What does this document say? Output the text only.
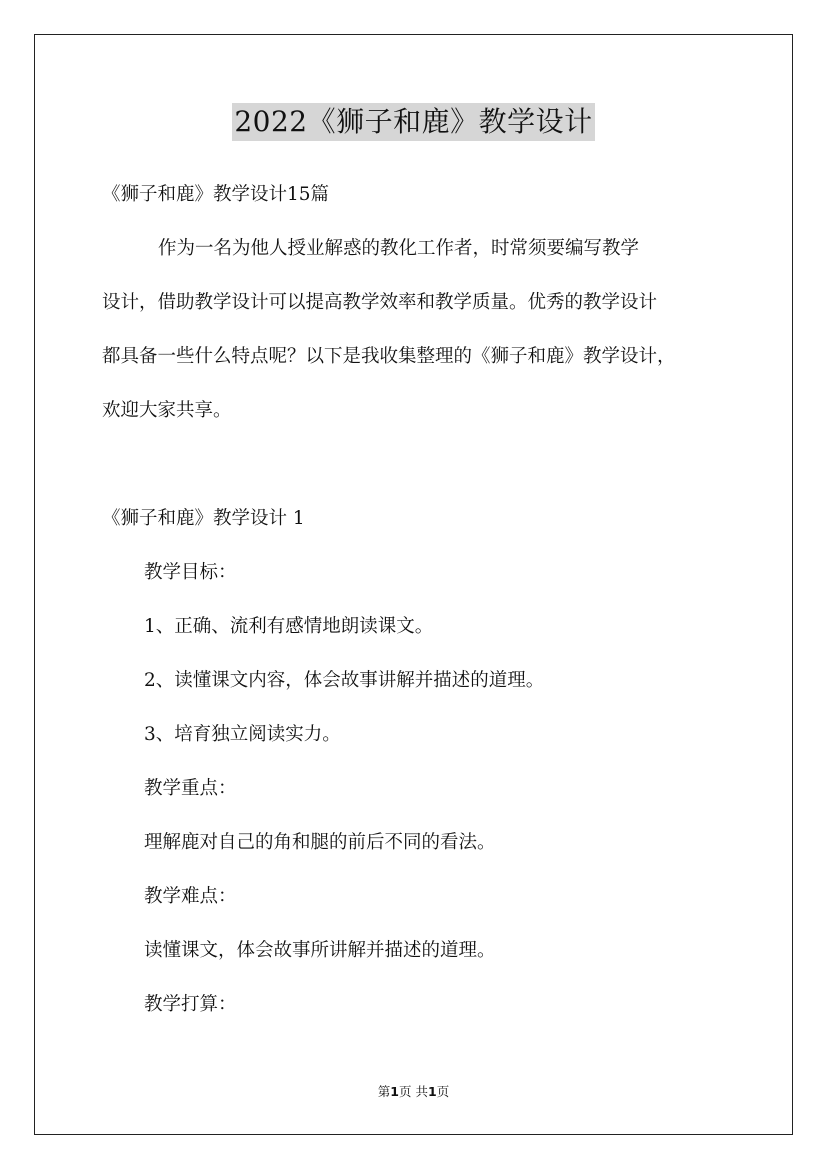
2022《狮子和鹿》教学设计
《狮子和鹿》教学设计15篇
作为一名为他人授业解惑的教化工作者，时常须要编写教学
设计，借助教学设计可以提高教学效率和教学质量。优秀的教学设计
都具备一些什么特点呢？以下是我收集整理的《狮子和鹿》教学设计，
欢迎大家共享。
《狮子和鹿》教学设计 1
教学目标：
1、正确、流利有感情地朗读课文。
2、读懂课文内容，体会故事讲解并描述的道理。
3、培育独立阅读实力。
教学重点：
理解鹿对自己的角和腿的前后不同的看法。
教学难点：
读懂课文，体会故事所讲解并描述的道理。
教学打算：
第1页 共1页
